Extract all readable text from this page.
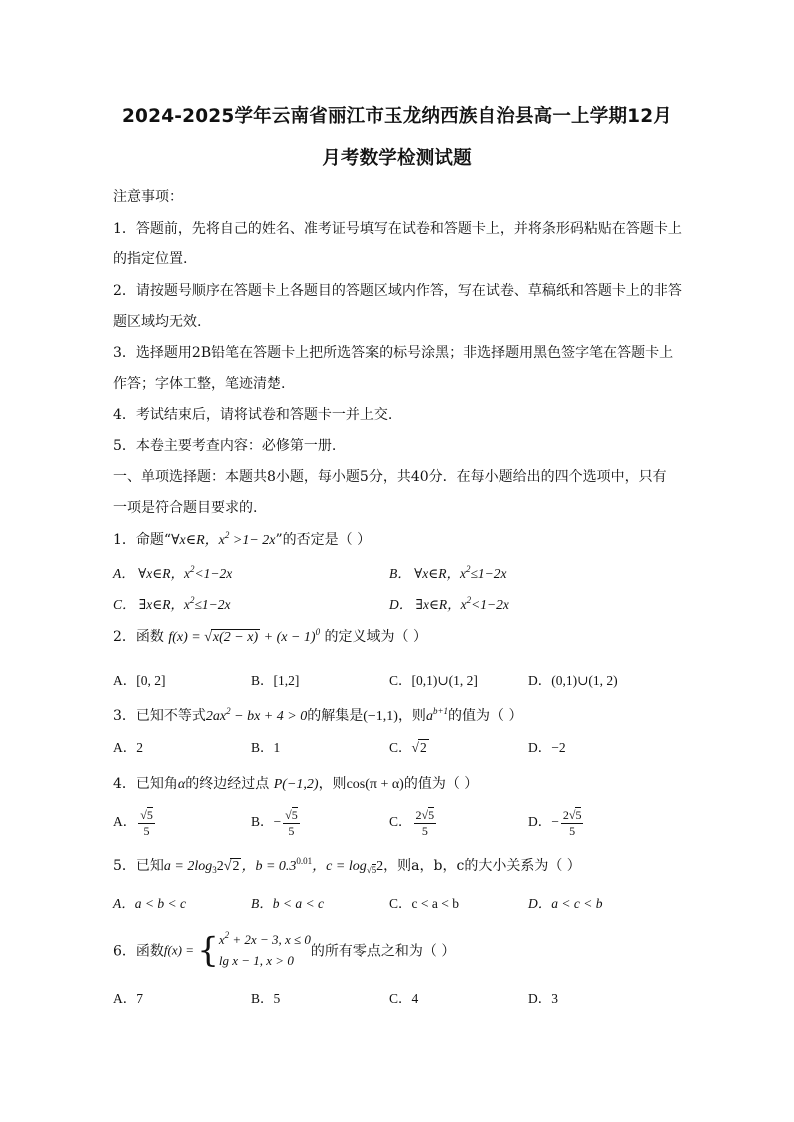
2024-2025学年云南省丽江市玉龙纳西族自治县高一上学期12月
月考数学检测试题
注意事项：
1．答题前，先将自己的姓名、准考证号填写在试卷和答题卡上，并将条形码粘贴在答题卡上
的指定位置.
2．请按题号顺序在答题卡上各题目的答题区域内作答，写在试卷、草稿纸和答题卡上的非答
题区域均无效.
3．选择题用2B铅笔在答题卡上把所选答案的标号涂黑；非选择题用黑色签字笔在答题卡上
作答；字体工整，笔迹清楚.
4．考试结束后，请将试卷和答题卡一并上交.
5．本卷主要考查内容：必修第一册.
一、单项选择题：本题共8小题，每小题5分，共40分．在每小题给出的四个选项中，只有
一项是符合题目要求的.
1．命题“∀x∈R，$x^2 >1- 2x$”的否定是（ ）
A． ∀x∈R，$x^2<1-2x$	B． ∀x∈R，$x^2\le 1-2x$
C． ∃x∈R，$x^2\le 1-2x$	D． ∃x∈R，$x^2<1-2x$
2．函数 $f(x) = √x(2 - x) + (x - 1)^0$ 的定义域为（ ）
A．[0, 2]	B．[1,2]	C．[0,1)∪(1, 2]	D．(0,1)∪(1, 2)
3．已知不等式$2ax^2$ − bx + 4 > 0的解集是(−1,1)，则$a^{b+1}$的值为（ ）
A．2	B．1	C．√2	D．−2
4．已知角α的终边经过点 P(−1,2)，则cos(π + α)的值为（ ）
A． $\frac{√5}{5}$	B．− $\frac{√5}{5}$	C． $\frac{2√5}{5}$	D．− $\frac{2√5}{5}$
5．已知$a = 2\log_32√2$ ，$b = 0.3^{0.01}$，$c = \log_{√5}2$，则a，b，c的大小关系为（ ）
A．a < b < c	B．b < a < c	C．c < a < b	D．a < c < b
6．函数f(x) = { $x^2 + 2x - 3$, x ≤ 0
lg x − 1, x > 0
的所有零点之和为（ ）
A．7	B．5	C．4	D．3
